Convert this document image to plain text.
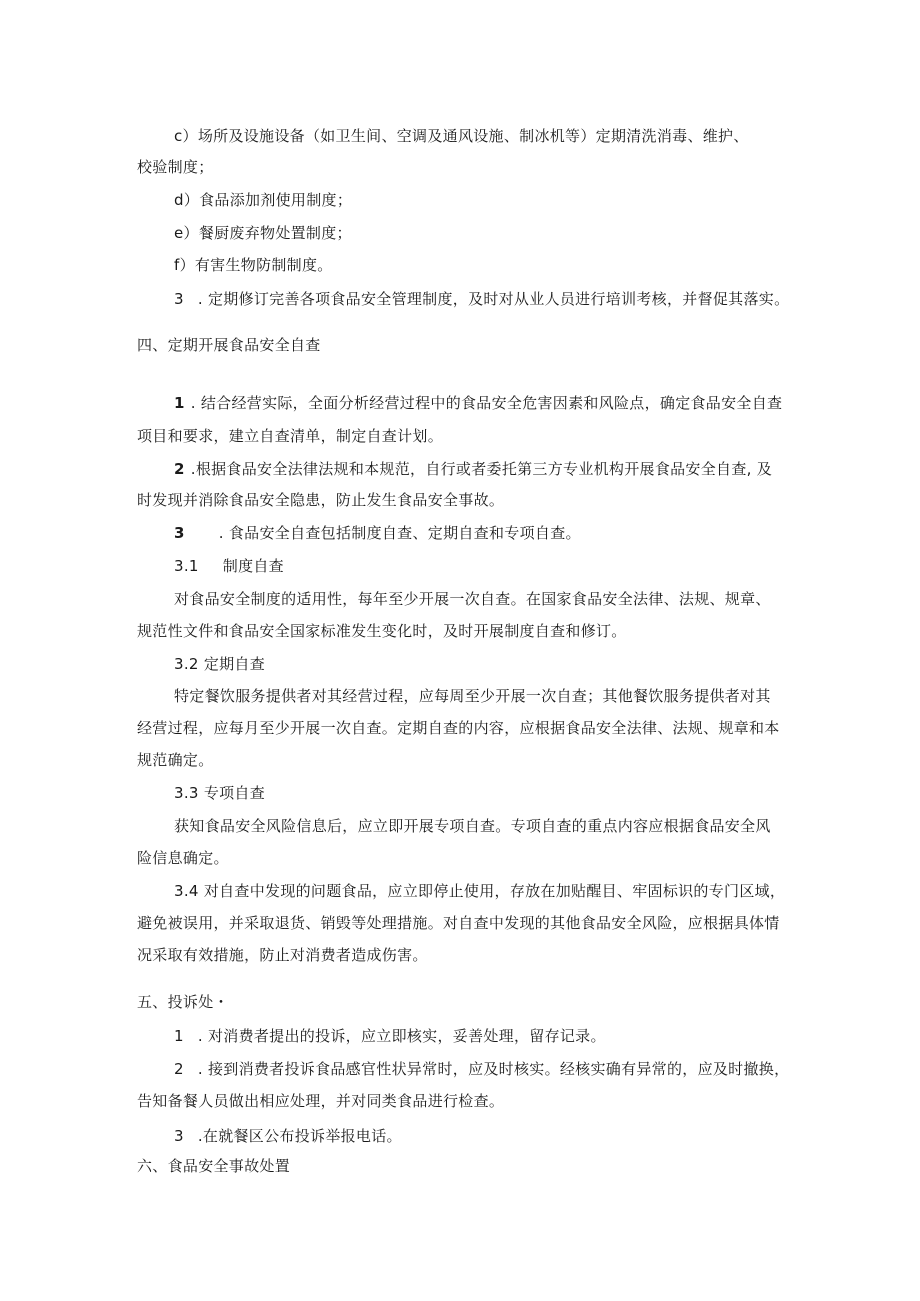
c）场所及设施设备（如卫生间、空调及通风设施、制冰机等）定期清洗消毒、维护、
校验制度；
d）食品添加剂使用制度；
e）餐厨废弃物处置制度；
f）有害生物防制制度。
3 . 定期修订完善各项食品安全管理制度，及时对从业人员进行培训考核，并督促其落实。
四、定期开展食品安全自查
1 . 结合经营实际，全面分析经营过程中的食品安全危害因素和风险点，确定食品安全自查
项目和要求，建立自查清单，制定自查计划。
2 .根据食品安全法律法规和本规范，自行或者委托第三方专业机构开展食品安全自查, 及
时发现并消除食品安全隐患，防止发生食品安全事故。
3 . 食品安全自查包括制度自查、定期自查和专项自查。
3.1 制度自查
对食品安全制度的适用性，每年至少开展一次自查。在国家食品安全法律、法规、规章、
规范性文件和食品安全国家标准发生变化时，及时开展制度自查和修订。
3.2 定期自查
特定餐饮服务提供者对其经营过程，应每周至少开展一次自查；其他餐饮服务提供者对其
经营过程，应每月至少开展一次自查。定期自查的内容，应根据食品安全法律、法规、规章和本
规范确定。
3.3 专项自查
获知食品安全风险信息后，应立即开展专项自查。专项自查的重点内容应根据食品安全风
险信息确定。
3.4 对自查中发现的问题食品，应立即停止使用，存放在加贴醒目、牢固标识的专门区域，
避免被误用，并采取退货、销毁等处理措施。对自查中发现的其他食品安全风险，应根据具体情
况采取有效措施，防止对消费者造成伤害。
五、投诉处・
1 . 对消费者提出的投诉，应立即核实，妥善处理，留存记录。
2 . 接到消费者投诉食品感官性状异常时，应及时核实。经核实确有异常的，应及时撤换，
告知备餐人员做出相应处理，并对同类食品进行检查。
3 .在就餐区公布投诉举报电话。
六、食品安全事故处置
